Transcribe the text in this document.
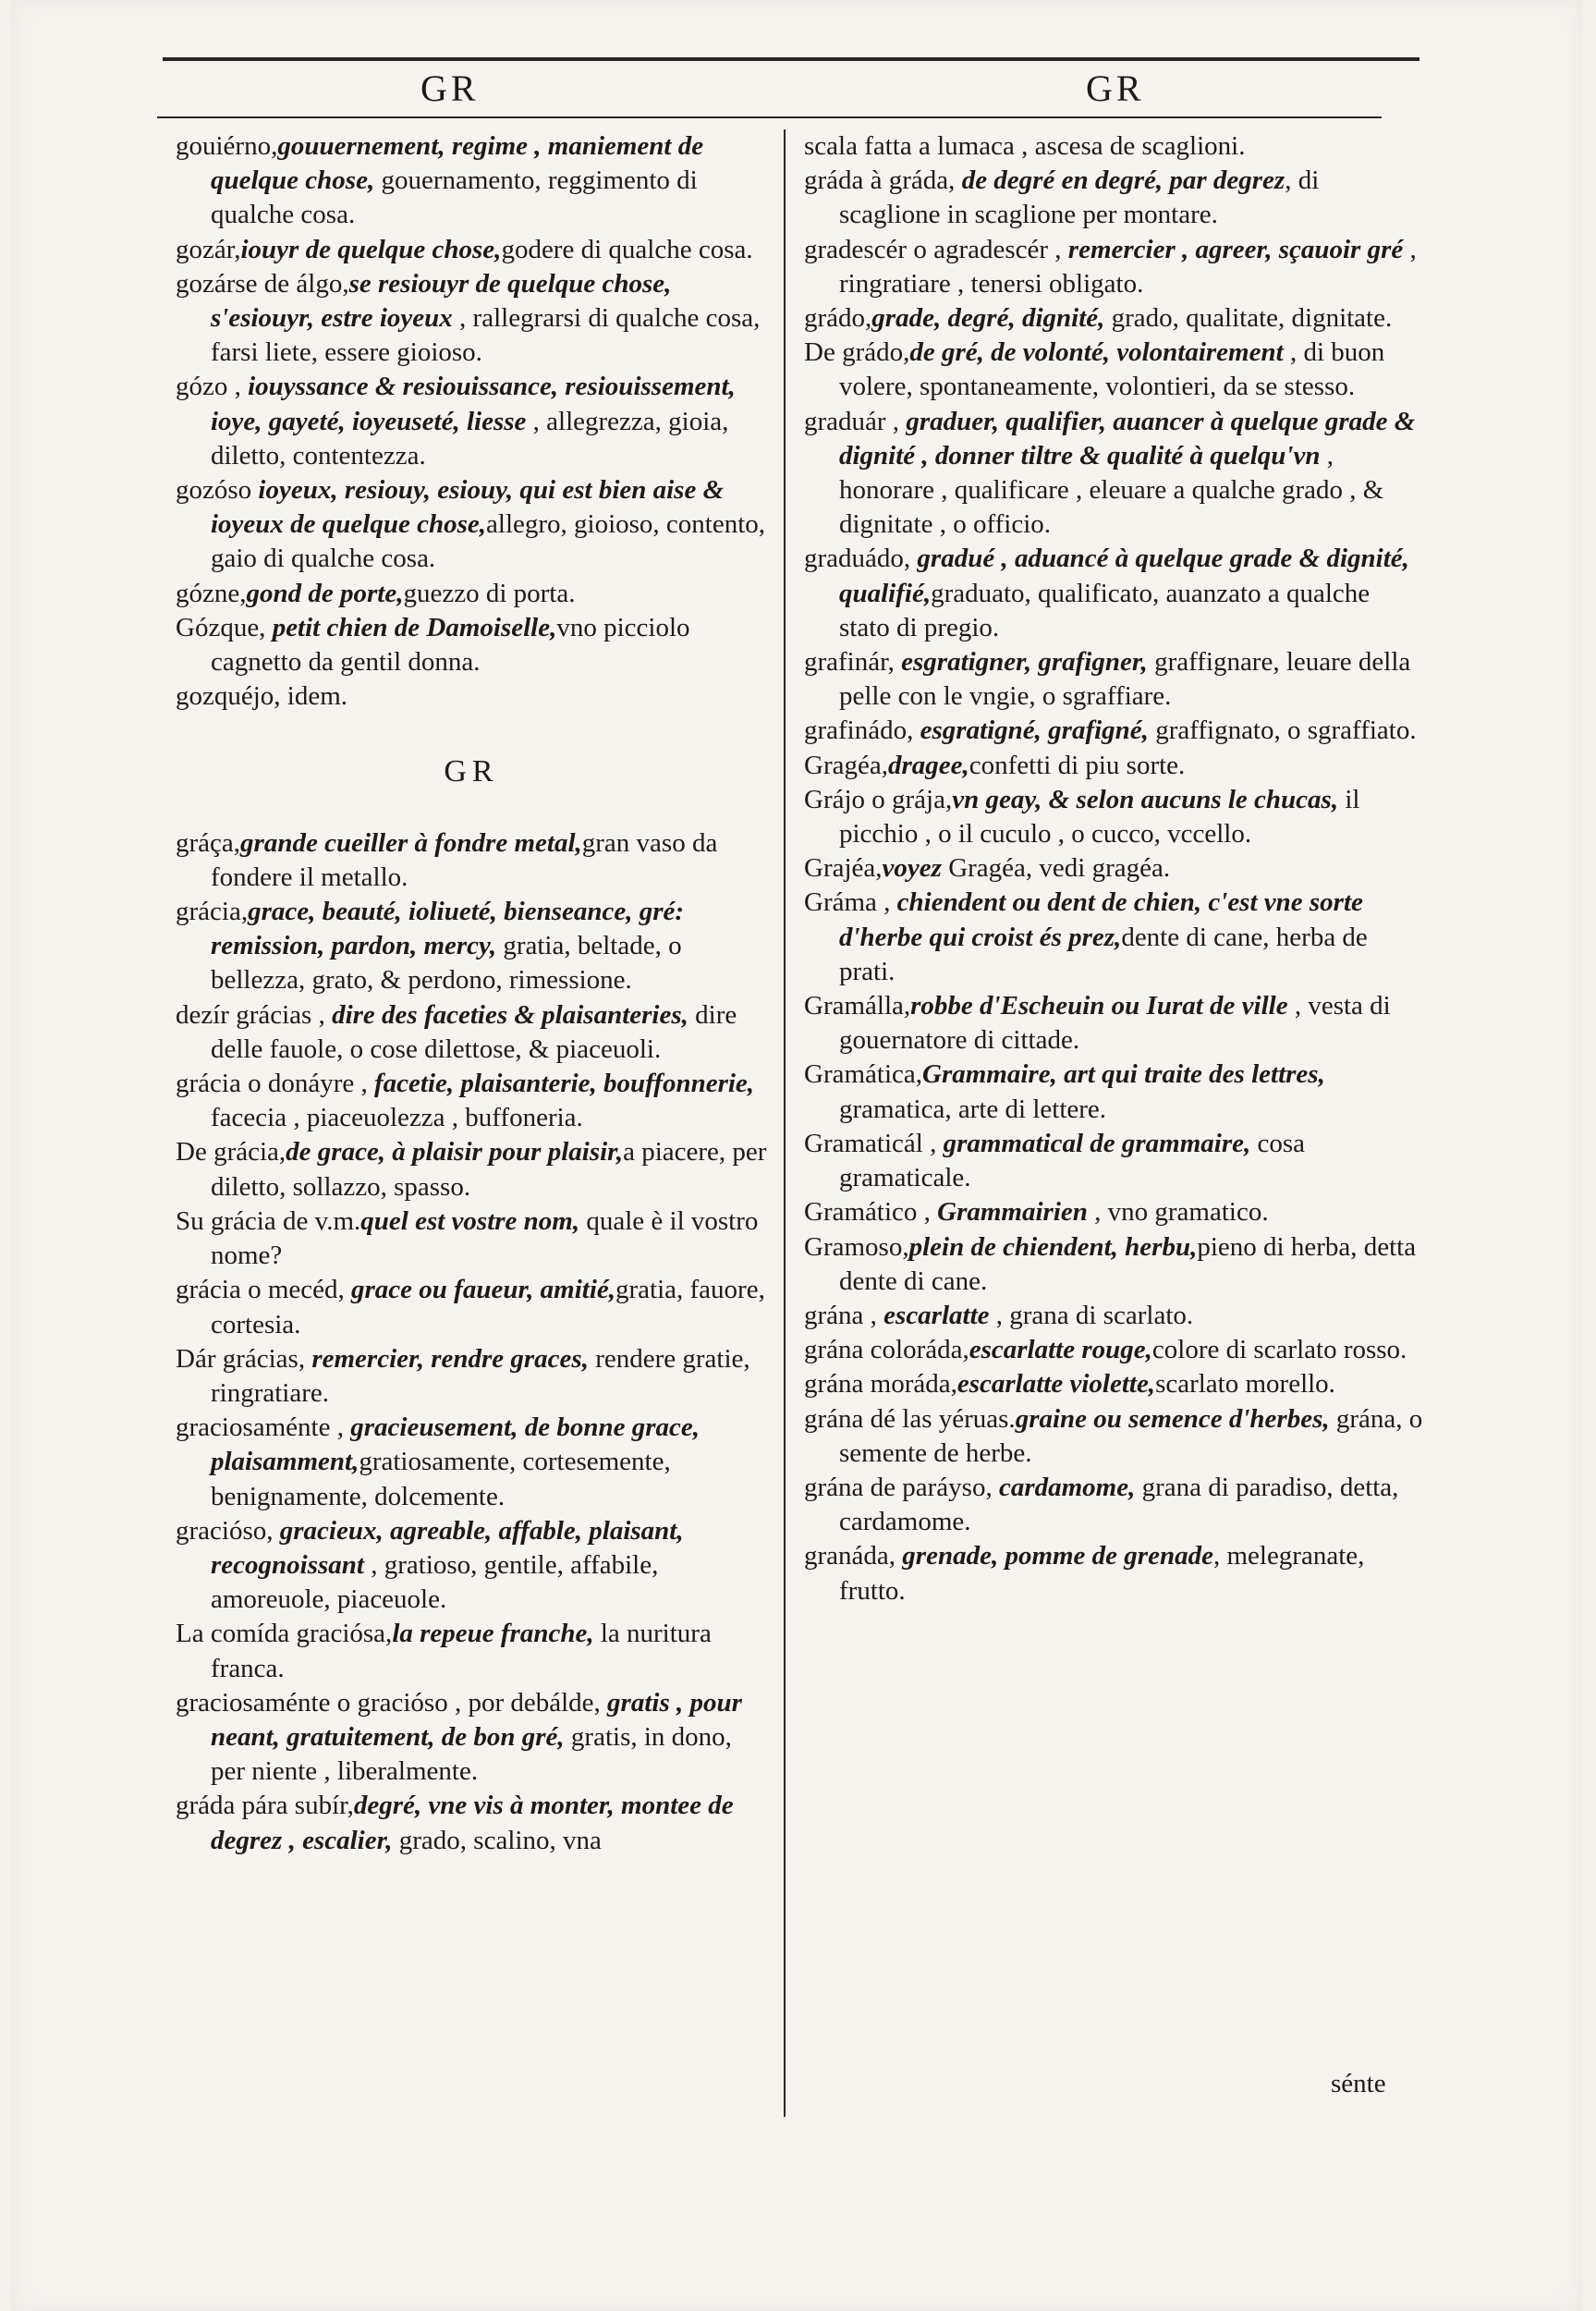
GR	GR

gouiérno,gouuernement, regime , maniement de quelque chose, gouernamento, reggimento di qualche cosa.

gozár,iouyr de quelque chose,godere di qualche cosa.

gozárse de álgo,se resiouyr de quelque chose, s'esiouyr, estre ioyeux , rallegrarsi di qualche cosa, farsi liete, essere gioioso.

gózo , iouyssance & resiouissance, resiouissement, ioye, gayeté, ioyeuseté, liesse , allegrezza, gioia, diletto, contentezza.

gozóso ioyeux, resiouy, esiouy, qui est bien aise & ioyeux de quelque chose,allegro, gioioso, contento, gaio di qualche cosa.

gózne,gond de porte,guezzo di porta.

Gózque, petit chien de Damoiselle,vno picciolo cagnetto da gentil donna.

gozquéjo, idem.

GR

gráça,grande cueiller à fondre metal,gran vaso da fondere il metallo.

grácia,grace, beauté, ioliueté, bienseance, gré: remission, pardon, mercy, gratia, beltade, o bellezza, grato, & perdono, rimessione.

dezír grácias , dire des faceties & plaisanteries, dire delle fauole, o cose dilettose, & piaceuoli.

grácia o donáyre , facetie, plaisanterie, bouffonnerie, facecia , piaceuolezza , buffoneria.

De grácia,de grace, à plaisir pour plaisir,a piacere, per diletto, sollazzo, spasso.

Su grácia de v.m.quel est vostre nom, quale è il vostro nome?

grácia o mecéd, grace ou faueur, amitié,gratia, fauore, cortesia.

Dár grácias, remercier, rendre graces, rendere gratie, ringratiare.

graciosaménte , gracieusement, de bonne grace, plaisamment,gratiosamente, cortesemente, benignamente, dolcemente.

gracióso, gracieux, agreable, affable, plaisant, recognoissant , gratioso, gentile, affabile, amoreuole, piaceuole.

La comída graciósa,la repeue franche, la nuritura franca.

graciosaménte o gracióso , por debálde, gratis , pour neant, gratuitement, de bon gré, gratis, in dono, per niente , liberalmente.

gráda pára subír,degré, vne vis à monter, montee de degrez , escalier, grado, scalino, vna

scala fatta a lumaca , ascesa de scaglioni.

gráda à gráda, de degré en degré, par degrez, di scaglione in scaglione per montare.

gradescér o agradescér , remercier , agreer, sçauoir gré , ringratiare , tenersi obligato.

grádo,grade, degré, dignité, grado, qualitate, dignitate.

De grádo,de gré, de volonté, volontairement , di buon volere, spontaneamente, volontieri, da se stesso.

graduár , graduer, qualifier, auancer à quelque grade & dignité , donner tiltre & qualité à quelqu'vn , honorare , qualificare , eleuare a qualche grado , & dignitate , o officio.

graduádo, gradué , aduancé à quelque grade & dignité, qualifié,graduato, qualificato, auanzato a qualche stato di pregio.

grafinár, esgratigner, grafigner, graffignare, leuare della pelle con le vngie, o sgraffiare.

grafinádo, esgratigné, grafigné, graffignato, o sgraffiato.

Gragéa,dragee,confetti di piu sorte.

Grájo o grája,vn geay, & selon aucuns le chucas, il picchio , o il cuculo , o cucco, vccello.

Grajéa,voyez Gragéa, vedi gragéa.

Gráma , chiendent ou dent de chien, c'est vne sorte d'herbe qui croist és prez,dente di cane, herba de prati.

Gramálla,robbe d'Escheuin ou Iurat de ville , vesta di gouernatore di cittade.

Gramática,Grammaire, art qui traite des lettres, gramatica, arte di lettere.

Gramaticál , grammatical de grammaire, cosa gramaticale.

Gramático , Grammairien , vno gramatico.

Gramoso,plein de chiendent, herbu,pieno di herba, detta dente di cane.

grána , escarlatte , grana di scarlato.

grána coloráda,escarlatte rouge,colore di scarlato rosso.

grána moráda,escarlatte violette,scarlato morello.

grána dé las yéruas.graine ou semence d'herbes, grána, o semente de herbe.

grána de paráyso, cardamome, grana di paradiso, detta, cardamome.

granáda, grenade, pomme de grenade, melegranate, frutto.

sénte
